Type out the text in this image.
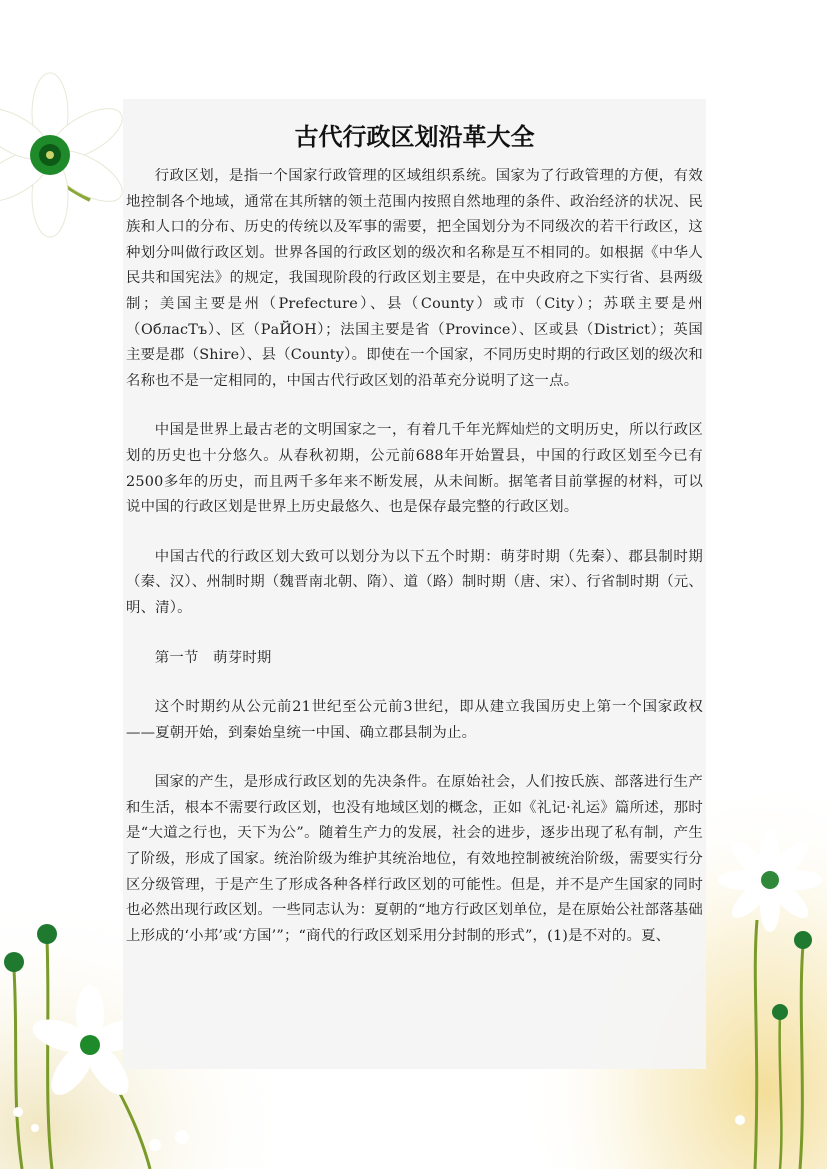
古代行政区划沿革大全

行政区划，是指一个国家行政管理的区域组织系统。国家为了行政管理的方便，有效地控制各个地域，通常在其所辖的领土范围内按照自然地理的条件、政治经济的状况、民族和人口的分布、历史的传统以及军事的需要，把全国划分为不同级次的若干行政区，这种划分叫做行政区划。世界各国的行政区划的级次和名称是互不相同的。如根据《中华人民共和国宪法》的规定，我国现阶段的行政区划主要是，在中央政府之下实行省、县两级制；美国主要是州（Prefecture）、县（County）或市（City）；苏联主要是州（ОбласТъ）、区（РаЙОН）；法国主要是省（Province）、区或县（District）；英国主要是郡（Shire）、县（County）。即使在一个国家，不同历史时期的行政区划的级次和名称也不是一定相同的，中国古代行政区划的沿革充分说明了这一点。

中国是世界上最古老的文明国家之一，有着几千年光辉灿烂的文明历史，所以行政区划的历史也十分悠久。从春秋初期，公元前688年开始置县，中国的行政区划至今已有2500多年的历史，而且两千多年来不断发展，从未间断。据笔者目前掌握的材料，可以说中国的行政区划是世界上历史最悠久、也是保存最完整的行政区划。

中国古代的行政区划大致可以划分为以下五个时期：萌芽时期（先秦）、郡县制时期（秦、汉）、州制时期（魏晋南北朝、隋）、道（路）制时期（唐、宋）、行省制时期（元、明、清）。

第一节　萌芽时期

这个时期约从公元前21世纪至公元前3世纪，即从建立我国历史上第一个国家政权——夏朝开始，到秦始皇统一中国、确立郡县制为止。

国家的产生，是形成行政区划的先决条件。在原始社会，人们按氏族、部落进行生产和生活，根本不需要行政区划，也没有地域区划的概念，正如《礼记·礼运》篇所述，那时是“大道之行也，天下为公”。随着生产力的发展，社会的进步，逐步出现了私有制，产生了阶级，形成了国家。统治阶级为维护其统治地位，有效地控制被统治阶级，需要实行分区分级管理，于是产生了形成各种各样行政区划的可能性。但是，并不是产生国家的同时也必然出现行政区划。一些同志认为：夏朝的“地方行政区划单位，是在原始公社部落基础上形成的‘小邦’或‘方国’”；“商代的行政区划采用分封制的形式”，(1)是不对的。夏、
